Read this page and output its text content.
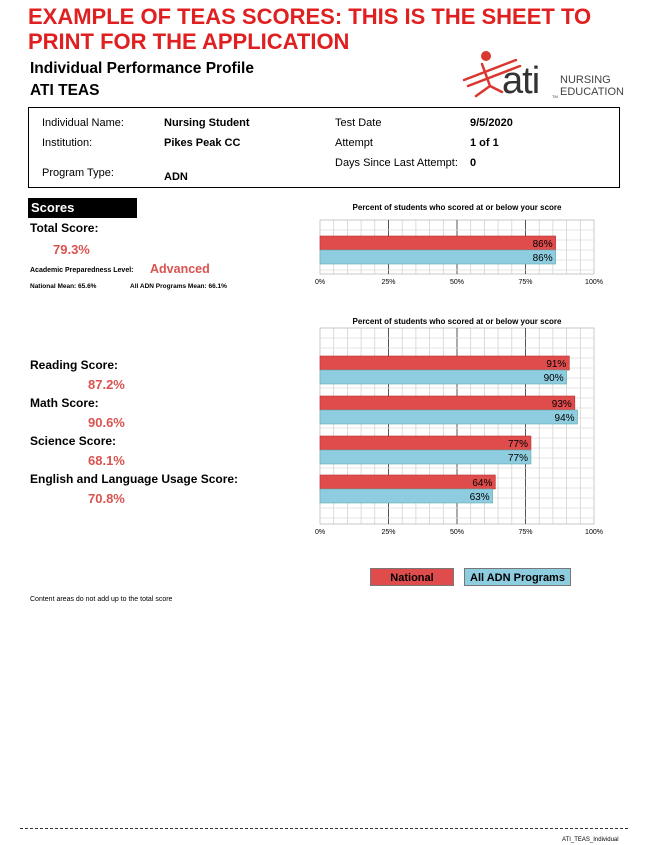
EXAMPLE OF TEAS SCORES: THIS IS THE SHEET TO PRINT FOR THE APPLICATION
Individual Performance Profile
ATI TEAS	ati NURSING
EDUCATION
TM
Individual Name:	Nursing Student
Institution:	Pikes Peak CC
Program Type:	ADN
Test Date	9/5/2020
Attempt	1 of 1
Days Since Last Attempt: 0
Scores
Total Score:
79.3%
Academic Preparedness Level: Advanced
National Mean: 65.6%	All ADN Programs Mean: 66.1%
Reading Score:
87.2%
Math Score:
90.6%
Science Score:
68.1%
English and Language Usage Score:
70.8%
Content areas do not add up to the total score
Percent of students who scored at or below your score
0%	25%	50%	75%	100%
86%
86%
Percent of students who scored at or below your score
0%	25%	50%	75%	100%
91%
90%
93%
94%
77%
77%
64%
63%
National	All ADN Programs
ATI_TEAS_Individual
